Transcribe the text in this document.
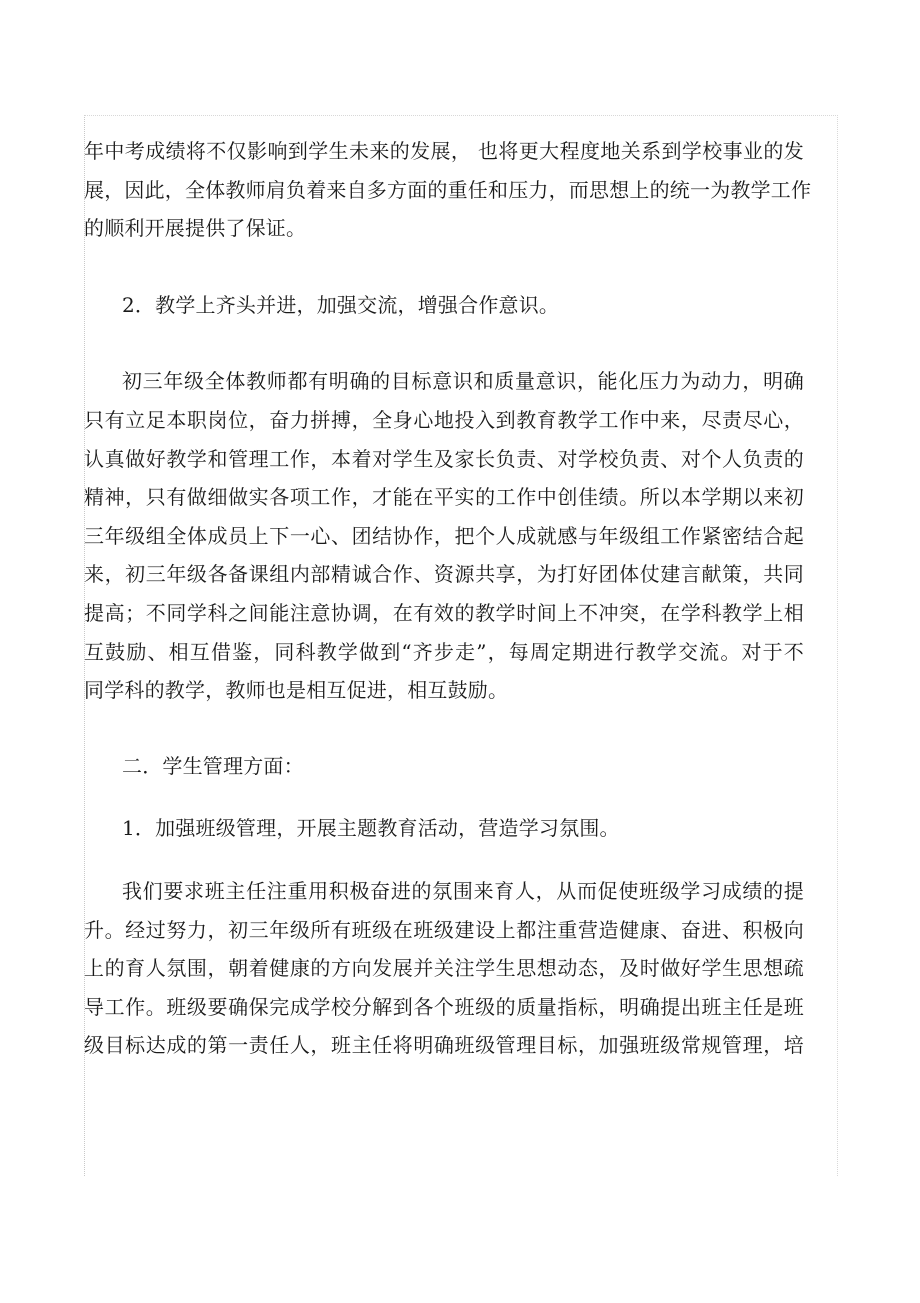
年中考成绩将不仅影响到学生未来的发展， 也将更大程度地关系到学校事业的发
展，因此，全体教师肩负着来自多方面的重任和压力，而思想上的统一为教学工作
的顺利开展提供了保证。

2．教学上齐头并进，加强交流，增强合作意识。

初三年级全体教师都有明确的目标意识和质量意识，能化压力为动力，明确
只有立足本职岗位，奋力拼搏，全身心地投入到教育教学工作中来，尽责尽心，
认真做好教学和管理工作，本着对学生及家长负责、对学校负责、对个人负责的
精神，只有做细做实各项工作，才能在平实的工作中创佳绩。所以本学期以来初
三年级组全体成员上下一心、团结协作，把个人成就感与年级组工作紧密结合起
来，初三年级各备课组内部精诚合作、资源共享，为打好团体仗建言献策，共同
提高；不同学科之间能注意协调，在有效的教学时间上不冲突，在学科教学上相
互鼓励、相互借鉴，同科教学做到“齐步走”，每周定期进行教学交流。对于不
同学科的教学，教师也是相互促进，相互鼓励。

二．学生管理方面：

1．加强班级管理，开展主题教育活动，营造学习氛围。

我们要求班主任注重用积极奋进的氛围来育人，从而促使班级学习成绩的提
升。经过努力，初三年级所有班级在班级建设上都注重营造健康、奋进、积极向
上的育人氛围，朝着健康的方向发展并关注学生思想动态，及时做好学生思想疏
导工作。班级要确保完成学校分解到各个班级的质量指标，明确提出班主任是班
级目标达成的第一责任人，班主任将明确班级管理目标，加强班级常规管理，培
